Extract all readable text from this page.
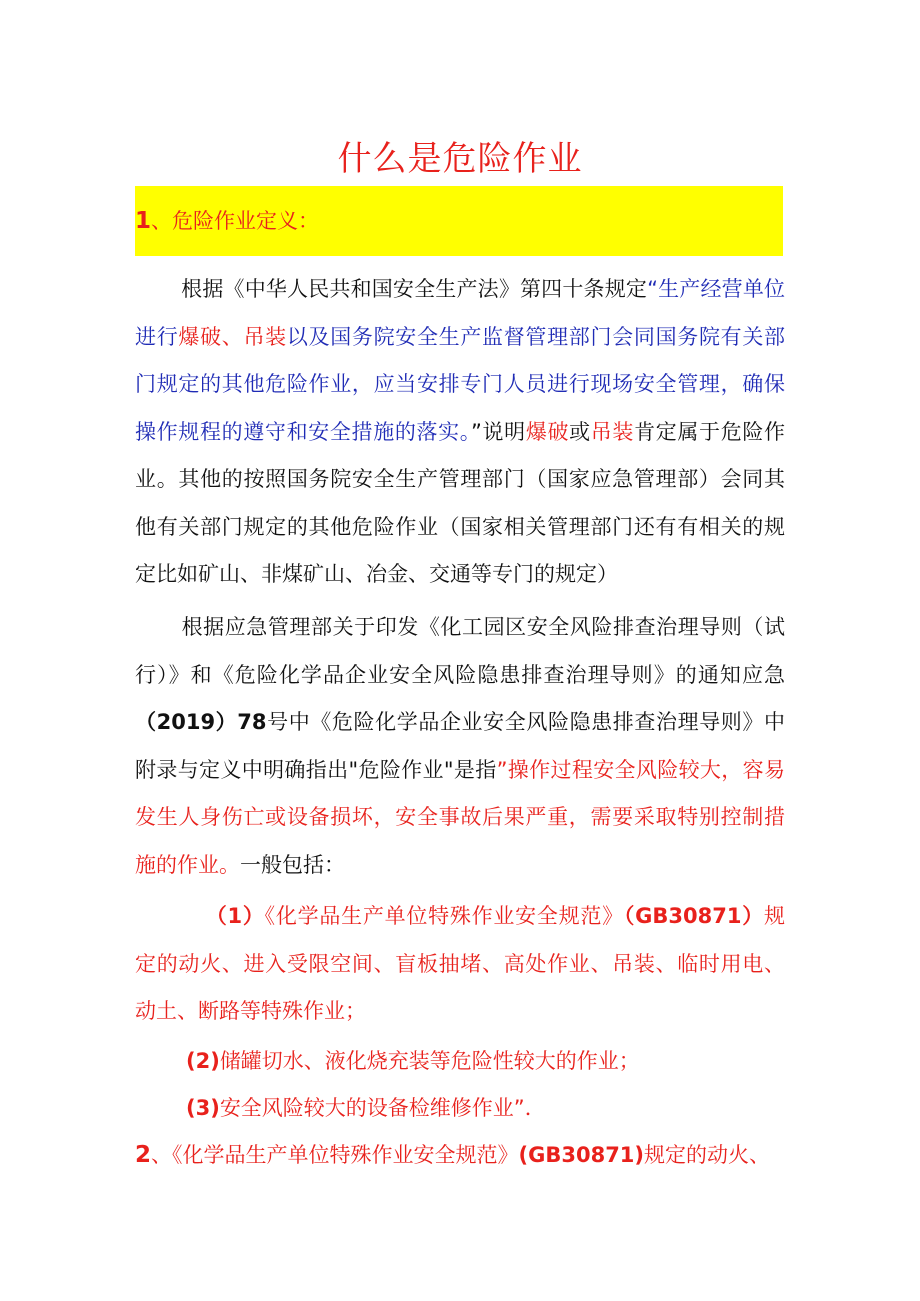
什么是危险作业
1、危险作业定义：
根据《中华人民共和国安全生产法》第四十条规定“生产经营单位进行爆破、吊装以及国务院安全生产监督管理部门会同国务院有关部门规定的其他危险作业，应当安排专门人员进行现场安全管理，确保操作规程的遵守和安全措施的落实。”说明爆破或吊装肯定属于危险作业。其他的按照国务院安全生产管理部门（国家应急管理部）会同其他有关部门规定的其他危险作业（国家相关管理部门还有有相关的规定比如矿山、非煤矿山、冶金、交通等专门的规定）
根据应急管理部关于印发《化工园区安全风险排查治理导则（试行）》和《危险化学品企业安全风险隐患排查治理导则》的通知应急（2019）78号中《危险化学品企业安全风险隐患排查治理导则》中附录与定义中明确指出"危险作业"是指”操作过程安全风险较大，容易发生人身伤亡或设备损坏，安全事故后果严重，需要采取特别控制措施的作业。一般包括：
（1）《化学品生产单位特殊作业安全规范》（GB30871）规定的动火、进入受限空间、盲板抽堵、高处作业、吊装、临时用电、动土、断路等特殊作业；
(2)储罐切水、液化烧充装等危险性较大的作业；
(3)安全风险较大的设备检维修作业”．
2、《化学品生产单位特殊作业安全规范》(GB30871)规定的动火、
